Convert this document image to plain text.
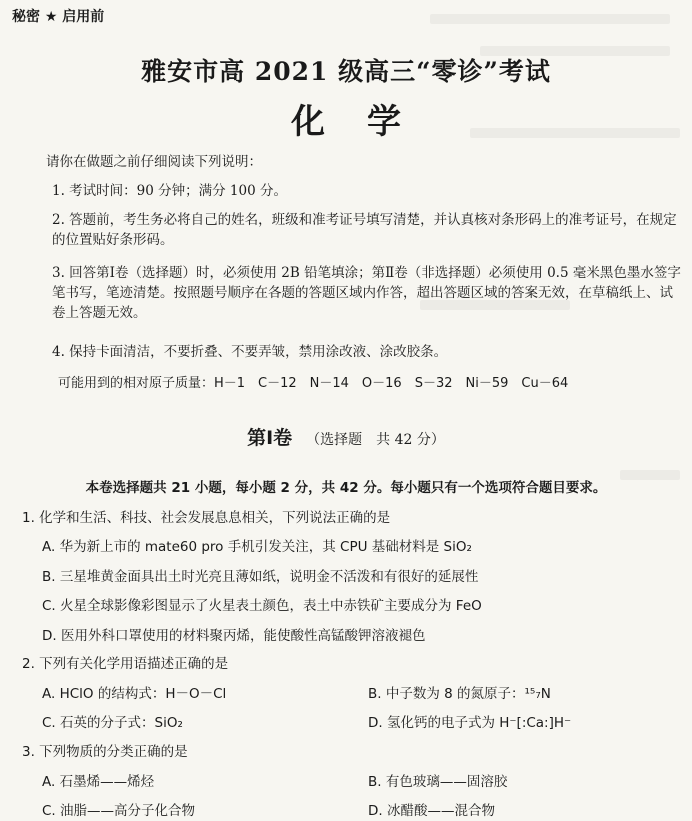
秘密 ★ 启用前
雅安市高 2021 级高三“零诊”考试
化学
请你在做题之前仔细阅读下列说明：
1. 考试时间：90 分钟；满分 100 分。
2. 答题前，考生务必将自己的姓名，班级和准考证号填写清楚，并认真核对条形码上的准考证号，在规定的位置贴好条形码。
3. 回答第Ⅰ卷（选择题）时，必须使用 2B 铅笔填涂；第Ⅱ卷（非选择题）必须使用 0.5 毫米黑色墨水签字笔书写，笔迹清楚。按照题号顺序在各题的答题区域内作答，超出答题区域的答案无效，在草稿纸上、试卷上答题无效。
4. 保持卡面清洁，不要折叠、不要弄皱，禁用涂改液、涂改胶条。
可能用到的相对原子质量：H－1　C－12　N－14　O－16　S－32　Ni－59　Cu－64
第Ⅰ卷 （选择题　共 42 分）
本卷选择题共 21 小题，每小题 2 分，共 42 分。每小题只有一个选项符合题目要求。
1. 化学和生活、科技、社会发展息息相关，下列说法正确的是
A. 华为新上市的 mate60 pro 手机引发关注，其 CPU 基础材料是 SiO₂
B. 三星堆黄金面具出土时光亮且薄如纸，说明金不活泼和有很好的延展性
C. 火星全球影像彩图显示了火星表土颜色，表土中赤铁矿主要成分为 FeO
D. 医用外科口罩使用的材料聚丙烯，能使酸性高锰酸钾溶液褪色
2. 下列有关化学用语描述正确的是
A. HClO 的结构式：H－O－Cl	B. 中子数为 8 的氮原子：¹⁵₇N
C. 石英的分子式：SiO₂	D. 氢化钙的电子式为 H⁻[:Ca:]H⁻
3. 下列物质的分类正确的是
A. 石墨烯——烯烃	B. 有色玻璃——固溶胶
C. 油脂——高分子化合物	D. 冰醋酸——混合物
